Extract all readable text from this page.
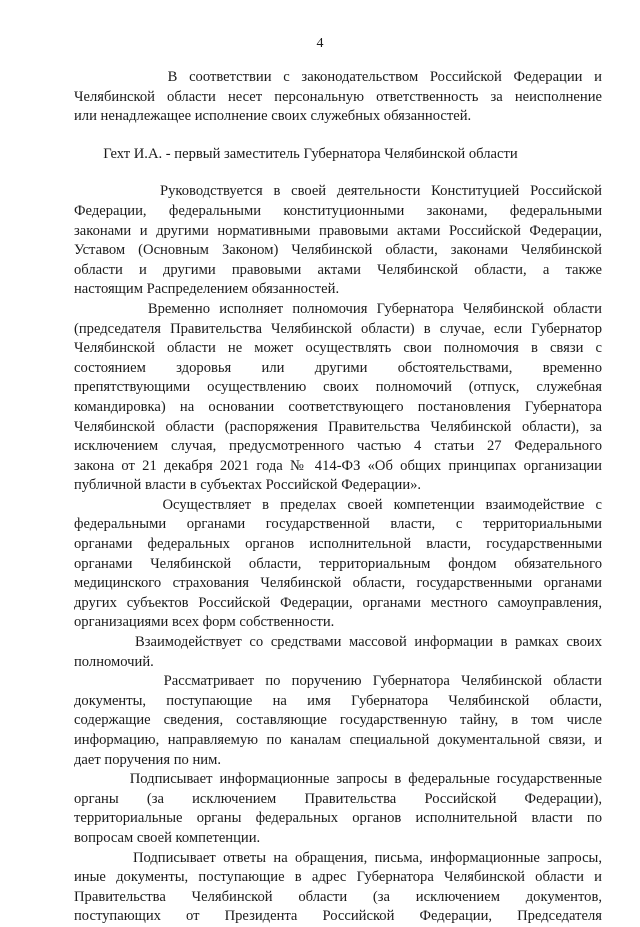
4
В соответствии с законодательством Российской Федерации и
Челябинской области несет персональную ответственность за неисполнение
или ненадлежащее исполнение своих служебных обязанностей.
Гехт И.А. - первый заместитель Губернатора Челябинской области
Руководствуется в своей деятельности Конституцией Российской
Федерации, федеральными конституционными законами, федеральными
законами и другими нормативными правовыми актами Российской Федерации,
Уставом (Основным Законом) Челябинской области, законами Челябинской
области и другими правовыми актами Челябинской области, а также
настоящим Распределением обязанностей.
Временно исполняет полномочия Губернатора Челябинской области
(председателя Правительства Челябинской области) в случае, если Губернатор
Челябинской области не может осуществлять свои полномочия в связи с
состоянием здоровья или другими обстоятельствами, временно
препятствующими осуществлению своих полномочий (отпуск, служебная
командировка) на основании соответствующего постановления Губернатора
Челябинской области (распоряжения Правительства Челябинской области), за
исключением случая, предусмотренного частью 4 статьи 27 Федерального
закона от 21 декабря 2021 года № 414-ФЗ «Об общих принципах организации
публичной власти в субъектах Российской Федерации».
Осуществляет в пределах своей компетенции взаимодействие с
федеральными органами государственной власти, с территориальными
органами федеральных органов исполнительной власти, государственными
органами Челябинской области, территориальным фондом обязательного
медицинского страхования Челябинской области, государственными органами
других субъектов Российской Федерации, органами местного самоуправления,
организациями всех форм собственности.
Взаимодействует со средствами массовой информации в рамках своих
полномочий.
Рассматривает по поручению Губернатора Челябинской области
документы, поступающие на имя Губернатора Челябинской области,
содержащие сведения, составляющие государственную тайну, в том числе
информацию, направляемую по каналам специальной документальной связи, и
дает поручения по ним.
Подписывает информационные запросы в федеральные государственные
органы (за исключением Правительства Российской Федерации),
территориальные органы федеральных органов исполнительной власти по
вопросам своей компетенции.
Подписывает ответы на обращения, письма, информационные запросы,
иные документы, поступающие в адрес Губернатора Челябинской области и
Правительства Челябинской области (за исключением документов,
поступающих от Президента Российской Федерации, Председателя
